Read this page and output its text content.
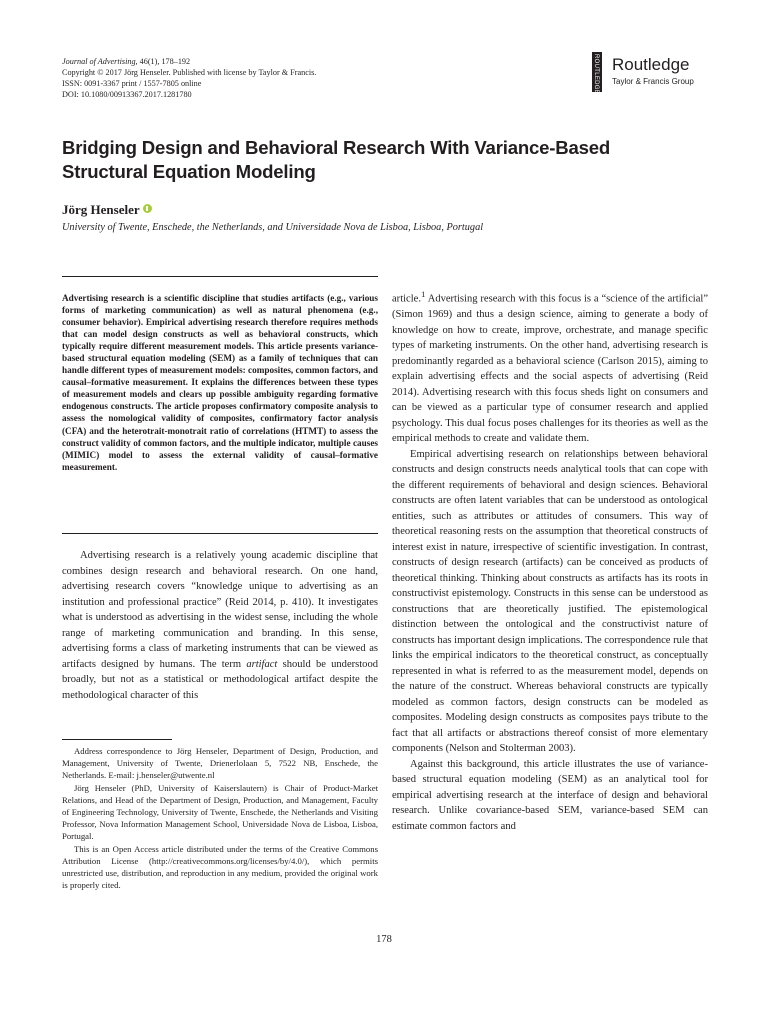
Journal of Advertising, 46(1), 178–192
Copyright © 2017 Jörg Henseler. Published with license by Taylor & Francis.
ISSN: 0091-3367 print / 1557-7805 online
DOI: 10.1080/00913367.2017.1281780
ROUTLEDGE Routledge
Taylor & Francis Group
Bridging Design and Behavioral Research With Variance-Based Structural Equation Modeling
Jörg Henseler
University of Twente, Enschede, the Netherlands, and Universidade Nova de Lisboa, Lisboa, Portugal

Advertising research is a scientific discipline that studies artifacts (e.g., various forms of marketing communication) as well as natural phenomena (e.g., consumer behavior). Empirical advertising research therefore requires methods that can model design constructs as well as behavioral constructs, which typically require different measurement models. This article presents variance-based structural equation modeling (SEM) as a family of techniques that can handle different types of measurement models: composites, common factors, and causal–formative measurement. It explains the differences between these types of measurement models and clears up possible ambiguity regarding formative endogenous constructs. The article proposes confirmatory composite analysis to assess the nomological validity of composites, confirmatory factor analysis (CFA) and the heterotrait-monotrait ratio of correlations (HTMT) to assess the construct validity of common factors, and the multiple indicator, multiple causes (MIMIC) model to assess the external validity of causal–formative measurement.

Advertising research is a relatively young academic discipline that combines design research and behavioral research. On one hand, advertising research covers “knowledge unique to advertising as an institution and professional practice” (Reid 2014, p. 410). It investigates what is understood as advertising in the widest sense, including the whole range of marketing communication and branding. In this sense, advertising forms a class of marketing instruments that can be viewed as artifacts designed by humans. The term artifact should be understood broadly, but not as a statistical or methodological artifact despite the methodological character of this

Address correspondence to Jörg Henseler, Department of Design, Production, and Management, University of Twente, Drienerlolaan 5, 7522 NB, Enschede, the Netherlands. E-mail: j.henseler@utwente.nl

Jörg Henseler (PhD, University of Kaiserslautern) is Chair of Product-Market Relations, and Head of the Department of Design, Production, and Management, Faculty of Engineering Technology, University of Twente, Enschede, the Netherlands and Visiting Professor, Nova Information Management School, Universidade Nova de Lisboa, Lisboa, Portugal.

This is an Open Access article distributed under the terms of the Creative Commons Attribution License (http://creativecommons.org/licenses/by/4.0/), which permits unrestricted use, distribution, and reproduction in any medium, provided the original work is properly cited.

article.$^1$ Advertising research with this focus is a “science of the artificial” (Simon 1969) and thus a design science, aiming to generate a body of knowledge on how to create, improve, orchestrate, and manage specific types of marketing instruments. On the other hand, advertising research is predominantly regarded as a behavioral science (Carlson 2015), aiming to explain advertising effects and the social aspects of advertising (Reid 2014). Advertising research with this focus sheds light on consumers and can be viewed as a particular type of consumer research and applied psychology. This dual focus poses challenges for its theories as well as the empirical methods to create and validate them.

Empirical advertising research on relationships between behavioral constructs and design constructs needs analytical tools that can cope with the different requirements of behavioral and design sciences. Behavioral constructs are often latent variables that can be understood as ontological entities, such as attributes or attitudes of consumers. This way of theoretical reasoning rests on the assumption that theoretical constructs of interest exist in nature, irrespective of scientific investigation. In contrast, constructs of design research (artifacts) can be conceived as products of theoretical thinking. Thinking about constructs as artifacts has its roots in constructivist epistemology. Constructs in this sense can be understood as constructions that are theoretically justified. The epistemological distinction between the ontological and the constructivist nature of constructs has important design implications. The correspondence rule that links the empirical indicators to the theoretical construct, as conceptually represented in what is referred to as the measurement model, depends on the nature of the construct. Whereas behavioral constructs are typically modeled as common factors, design constructs can be modeled as composites. Modeling design constructs as composites pays tribute to the fact that all artifacts or abstractions thereof consist of more elementary components (Nelson and Stolterman 2003).

Against this background, this article illustrates the use of variance-based structural equation modeling (SEM) as an analytical tool for empirical advertising research at the interface of design and behavioral research. Unlike covariance-based SEM, variance-based SEM can estimate common factors and

178
